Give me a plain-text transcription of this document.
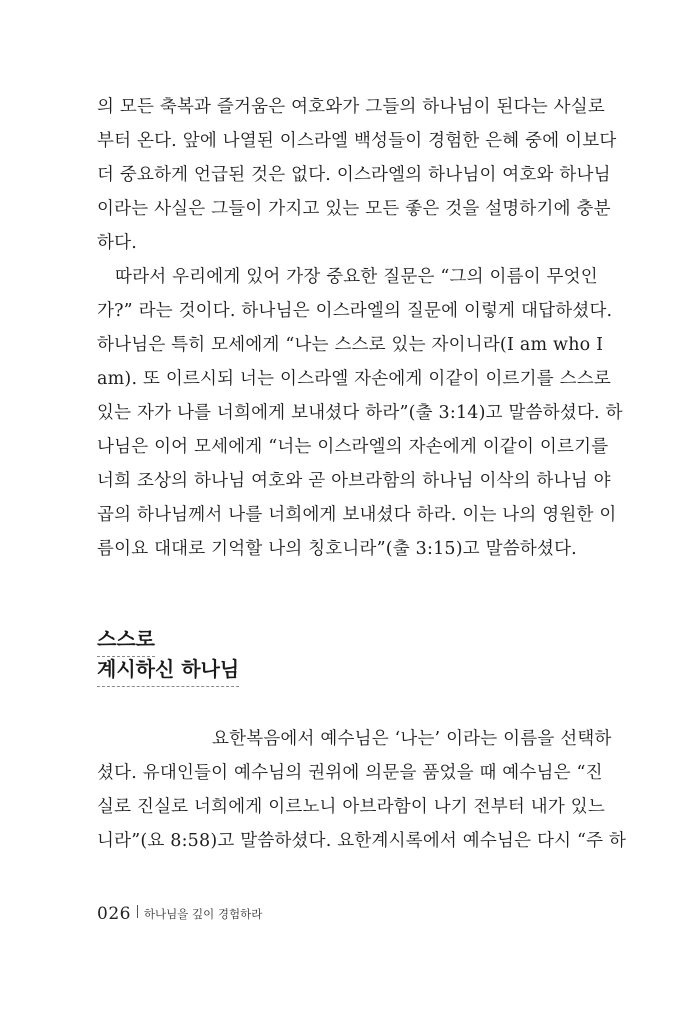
의 모든 축복과 즐거움은 여호와가 그들의 하나님이 된다는 사실로
부터 온다. 앞에 나열된 이스라엘 백성들이 경험한 은혜 중에 이보다
더 중요하게 언급된 것은 없다. 이스라엘의 하나님이 여호와 하나님
이라는 사실은 그들이 가지고 있는 모든 좋은 것을 설명하기에 충분
하다.
따라서 우리에게 있어 가장 중요한 질문은 “그의 이름이 무엇인
가?” 라는 것이다. 하나님은 이스라엘의 질문에 이렇게 대답하셨다.
하나님은 특히 모세에게 “나는 스스로 있는 자이니라(I am who I
am). 또 이르시되 너는 이스라엘 자손에게 이같이 이르기를 스스로
있는 자가 나를 너희에게 보내셨다 하라”(출 3:14)고 말씀하셨다. 하
나님은 이어 모세에게 “너는 이스라엘의 자손에게 이같이 이르기를
너희 조상의 하나님 여호와 곧 아브라함의 하나님 이삭의 하나님 야
곱의 하나님께서 나를 너희에게 보내셨다 하라. 이는 나의 영원한 이
름이요 대대로 기억할 나의 칭호니라”(출 3:15)고 말씀하셨다.
스스로
계시하신 하나님
요한복음에서 예수님은 ‘나는’ 이라는 이름을 선택하
셨다. 유대인들이 예수님의 권위에 의문을 품었을 때 예수님은 “진
실로 진실로 너희에게 이르노니 아브라함이 나기 전부터 내가 있느
니라”(요 8:58)고 말씀하셨다. 요한계시록에서 예수님은 다시 “주 하
026 하나님을 깊이 경험하라
